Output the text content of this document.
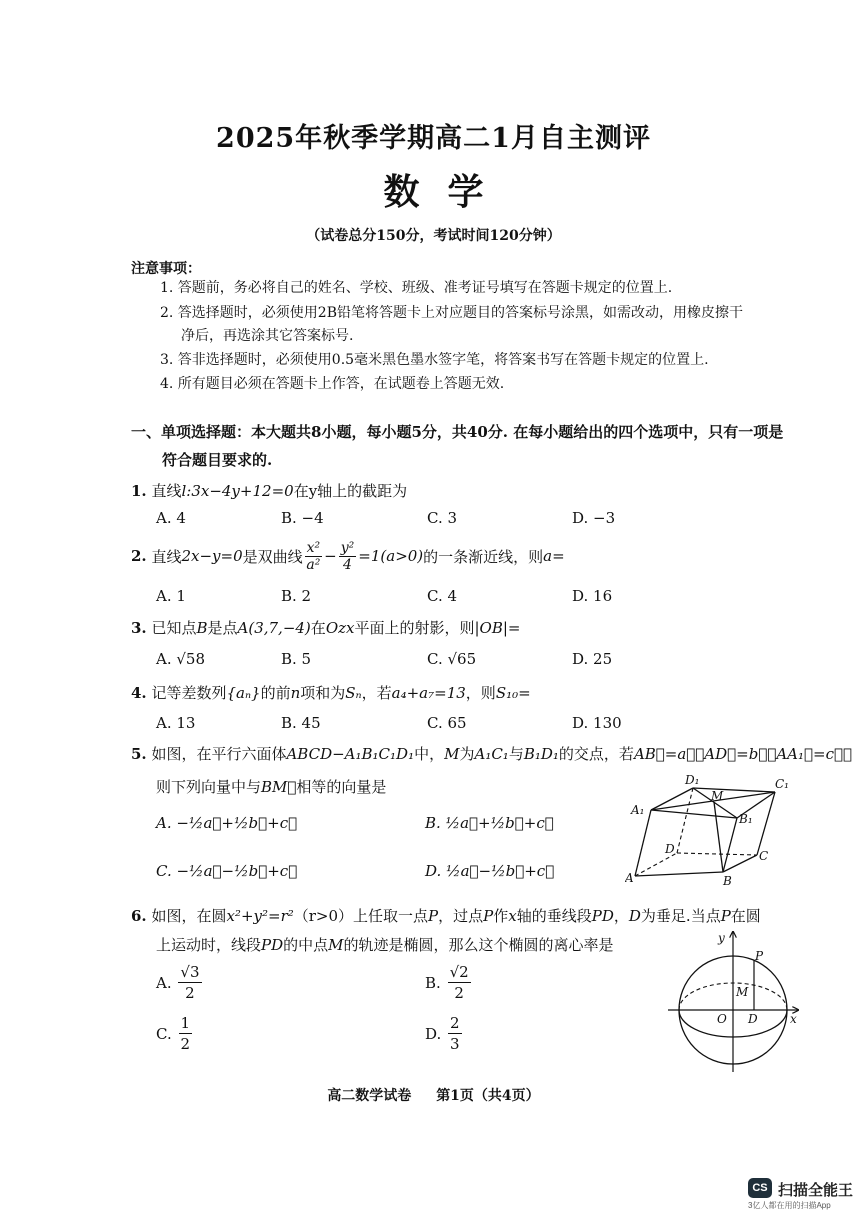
2025年秋季学期高二1月自主测评
数学
（试卷总分150分，考试时间120分钟）
注意事项：
1. 答题前，务必将自己的姓名、学校、班级、准考证号填写在答题卡规定的位置上.
2. 答选择题时，必须使用2B铅笔将答题卡上对应题目的答案标号涂黑，如需改动，用橡皮擦干
净后，再选涂其它答案标号.
3. 答非选择题时，必须使用0.5毫米黑色墨水签字笔，将答案书写在答题卡规定的位置上.
4. 所有题目必须在答题卡上作答，在试题卷上答题无效.
一、单项选择题：本大题共8小题，每小题5分，共40分. 在每小题给出的四个选项中，只有一项是
符合题目要求的.
1. 直线l:3x−4y+12=0在y轴上的截距为
A. 4	B. −4	C. 3	D. −3
2.
直线 2x−y=0 是双曲线 $\frac{\text{x²}}{\text{a²}} - \frac{\text{y²}}{4} =1(a>0)$ 的一条渐近线，则 a=
A. 1	B. 2	C. 4	D. 16
3. 已知点B是点A(3,7,−4)在Ozx平面上的射影，则|OB|=
A. √58	B. 5	C. √65	D. 25
4. 记等差数列{aₙ}的前n项和为Sₙ，若a₄+a₇=13，则S₁₀=
A. 13	B. 45	C. 65	D. 130
5. 如图，在平行六面体ABCD−A₁B₁C₁D₁中，M为A₁C₁与B₁D₁的交点，若AB⃗=a⃗，AD⃗=b⃗，AA₁⃗=c⃗，
则下列向量中与BM⃗相等的向量是
A. −½a⃗+½b⃗+c⃗	B. ½a⃗+½b⃗+c⃗
C. −½a⃗−½b⃗+c⃗	D. ½a⃗−½b⃗+c⃗
D₁	C₁
A₁
M
B₁
D	C
A	B
6. 如图，在圆x²+y²=r²（r>0）上任取一点P，过点P作x轴的垂线段PD，D为垂足.当点P在圆
上运动时，线段PD的中点M的轨迹是椭圆，那么这个椭圆的离心率是
A.
$\frac{√3}{2}$	B.
$\frac{√2}{2}$
C.
$\frac{1}{2}$	D.
$\frac{2}{3}$
y
P
M
O D	x
高二数学试卷 第1页（共4页）
CS 扫描全能王
3亿人都在用的扫描App
